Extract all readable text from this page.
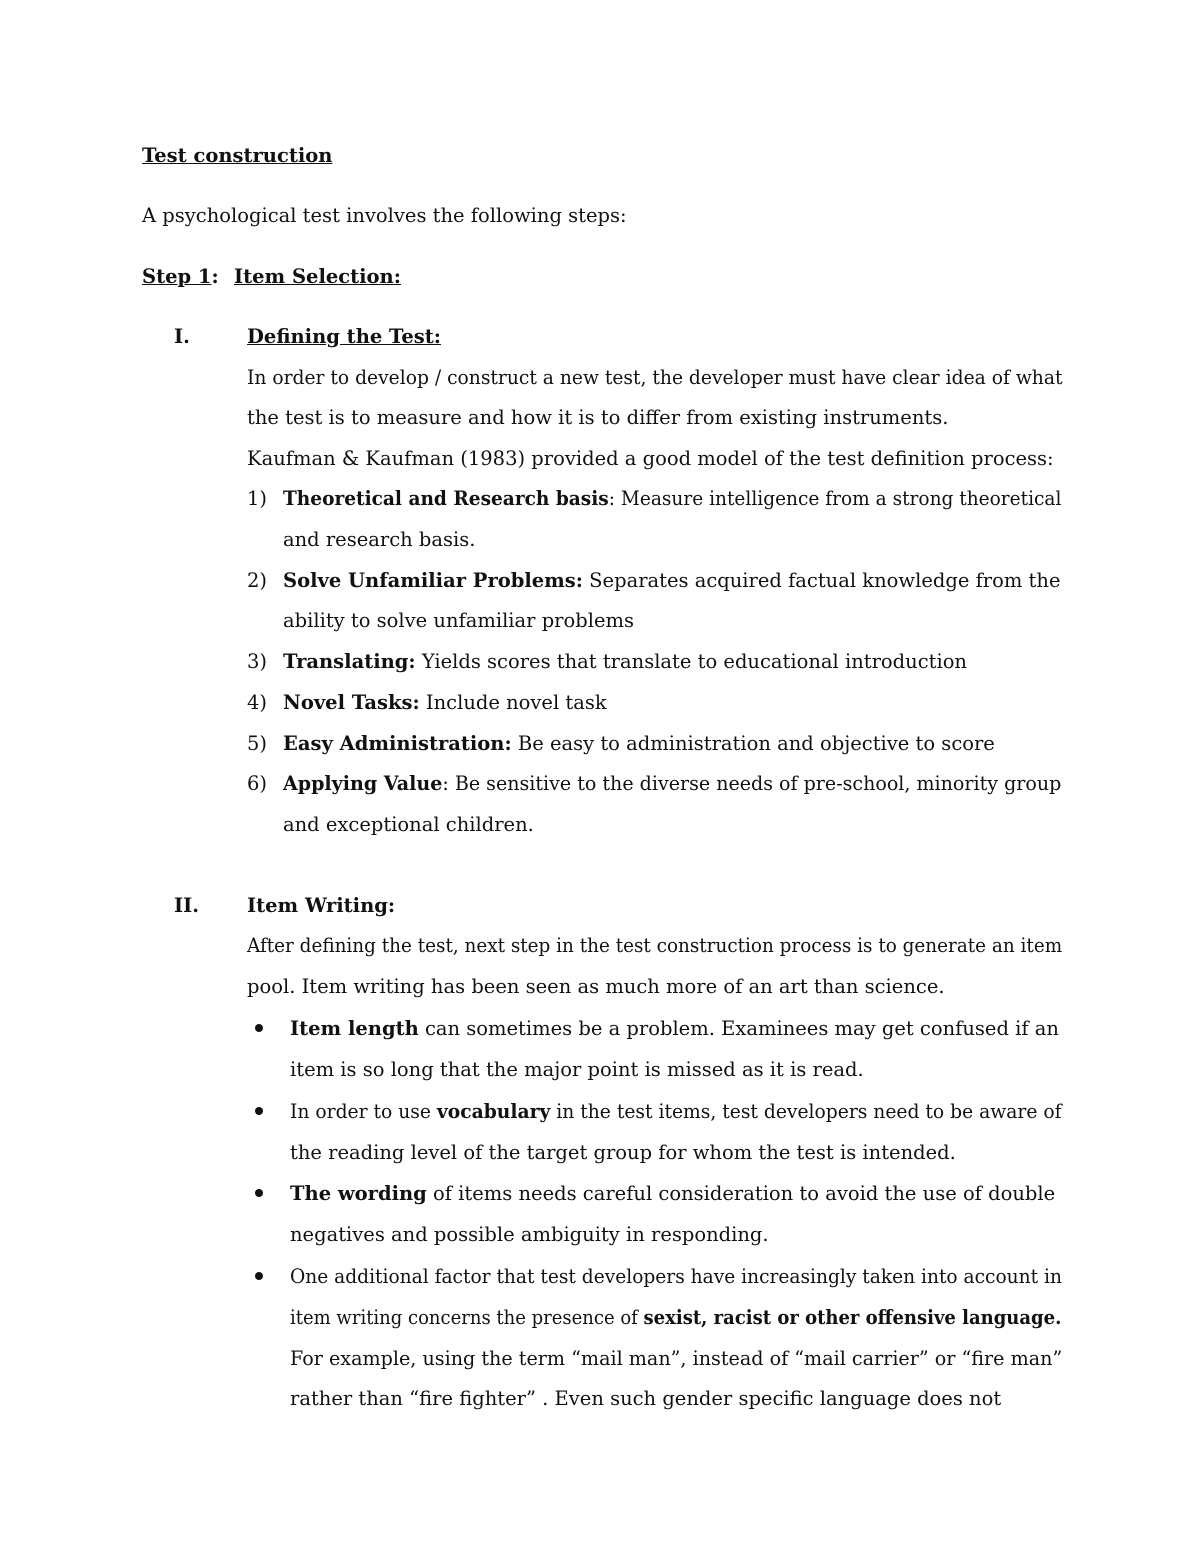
Test construction
A psychological test involves the following steps:
Step 1: Item Selection:
I.	Defining the Test:
In order to develop / construct a new test, the developer must have clear idea of what
the test is to measure and how it is to differ from existing instruments.
Kaufman & Kaufman (1983) provided a good model of the test definition process:
1) Theoretical and Research basis: Measure intelligence from a strong theoretical
and research basis.
2) Solve Unfamiliar Problems: Separates acquired factual knowledge from the
ability to solve unfamiliar problems
3) Translating: Yields scores that translate to educational introduction
4) Novel Tasks: Include novel task
5) Easy Administration: Be easy to administration and objective to score
6) Applying Value: Be sensitive to the diverse needs of pre-school, minority group
and exceptional children.
II. Item Writing:
After defining the test, next step in the test construction process is to generate an item
pool. Item writing has been seen as much more of an art than science.
Item length can sometimes be a problem. Examinees may get confused if an
item is so long that the major point is missed as it is read.
In order to use vocabulary in the test items, test developers need to be aware of
the reading level of the target group for whom the test is intended.
The wording of items needs careful consideration to avoid the use of double
negatives and possible ambiguity in responding.
One additional factor that test developers have increasingly taken into account in
item writing concerns the presence of sexist, racist or other offensive language.
For example, using the term “mail man”, instead of “mail carrier” or “fire man”
rather than “fire fighter” . Even such gender specific language does not
